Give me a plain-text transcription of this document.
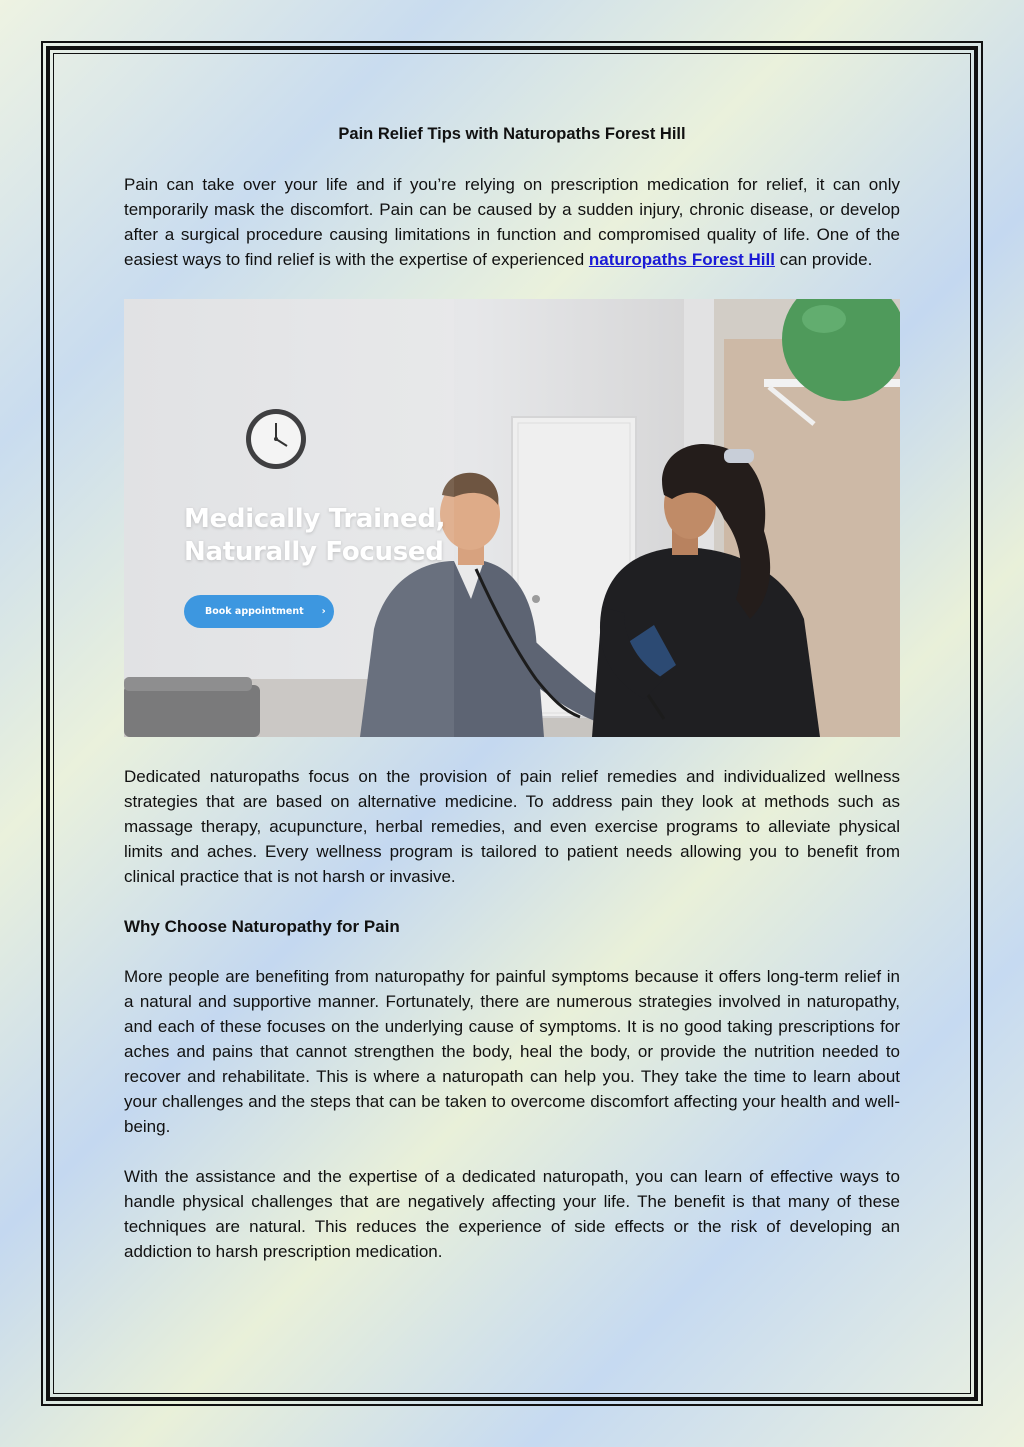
Pain Relief Tips with Naturopaths Forest Hill

Pain can take over your life and if you’re relying on prescription medication for relief, it can only temporarily mask the discomfort. Pain can be caused by a sudden injury, chronic disease, or develop after a surgical procedure causing limitations in function and compromised quality of life. One of the easiest ways to find relief is with the expertise of experienced naturopaths Forest Hill can provide.

Medically Trained,
Naturally Focused
Book appointment ›

Dedicated naturopaths focus on the provision of pain relief remedies and individualized wellness strategies that are based on alternative medicine. To address pain they look at methods such as massage therapy, acupuncture, herbal remedies, and even exercise programs to alleviate physical limits and aches. Every wellness program is tailored to patient needs allowing you to benefit from clinical practice that is not harsh or invasive.

Why Choose Naturopathy for Pain

More people are benefiting from naturopathy for painful symptoms because it offers long-term relief in a natural and supportive manner. Fortunately, there are numerous strategies involved in naturopathy, and each of these focuses on the underlying cause of symptoms. It is no good taking prescriptions for aches and pains that cannot strengthen the body, heal the body, or provide the nutrition needed to recover and rehabilitate. This is where a naturopath can help you. They take the time to learn about your challenges and the steps that can be taken to overcome discomfort affecting your health and well-being.

With the assistance and the expertise of a dedicated naturopath, you can learn of effective ways to handle physical challenges that are negatively affecting your life. The benefit is that many of these techniques are natural. This reduces the experience of side effects or the risk of developing an addiction to harsh prescription medication.
